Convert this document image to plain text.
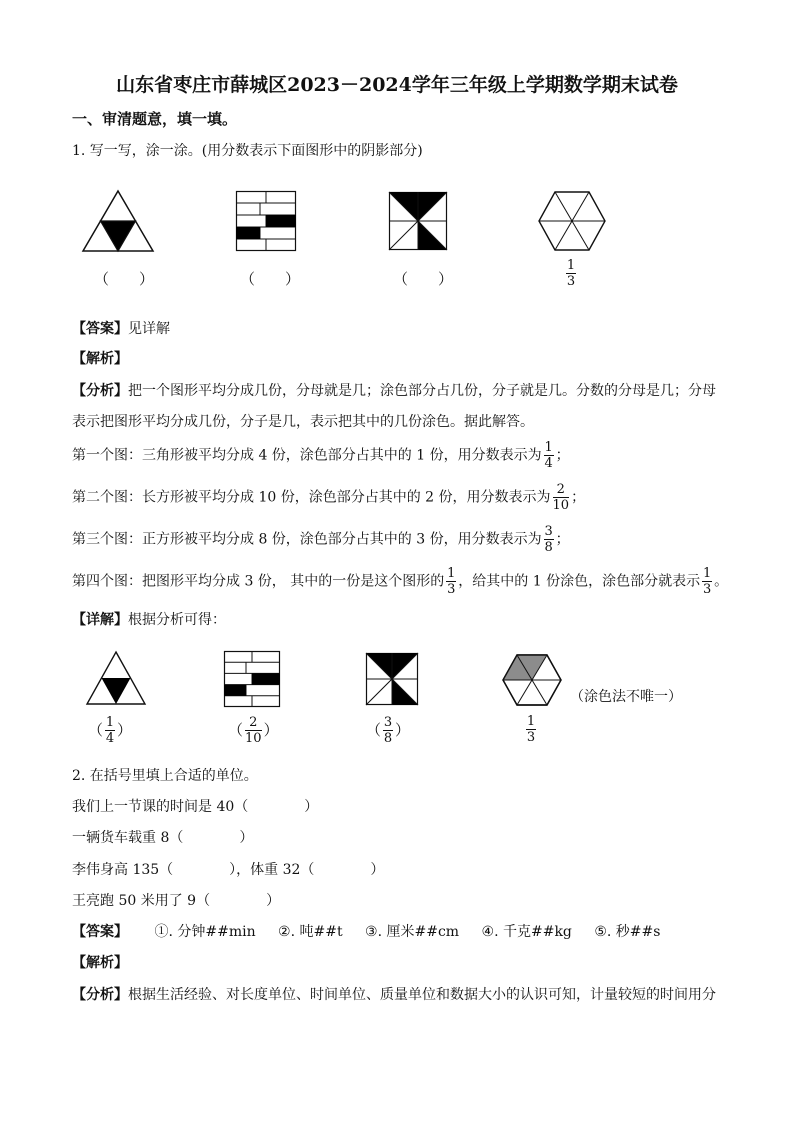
山东省枣庄市薛城区2023－2024学年三年级上学期数学期末试卷
一、审清题意，填一填。
1. 写一写，涂一涂。(用分数表示下面图形中的阴影部分)
（　　）	（　　）	（　　）	$\frac{1}{3}$
【答案】见详解
【解析】
【分析】把一个图形平均分成几份，分母就是几；涂色部分占几份，分子就是几。分数的分母是几；分母
表示把图形平均分成几份，分子是几，表示把其中的几份涂色。据此解答。
第一个图：三角形被平均分成 4 份，涂色部分占其中的 1 份，用分数表示为 $\frac{1}{4}$ ；
第二个图：长方形被平均分成 10 份，涂色部分占其中的 2 份，用分数表示为 $\frac{2}{10}$ ；
第三个图：正方形被平均分成 8 份，涂色部分占其中的 3 份，用分数表示为 $\frac{3}{8}$ ；
第四个图：把图形平均分成 3 份， 其中的一份是这个图形的 $\frac{1}{3}$ ，给其中的 1 份涂色，涂色部分就表示 $\frac{1}{3}$ 。
【详解】根据分析可得：
（ $\frac{1}{4}$ ）	（ $\frac{2}{10}$ ）	（ $\frac{3}{8}$ ）
（涂色法不唯一）
$\frac{1}{3}$
2. 在括号里填上合适的单位。
我们上一节课的时间是 40（　　　　）
一辆货车载重 8（　　　　）
李伟身高 135（　　　　），体重 32（　　　　）
王亮跑 50 米用了 9（　　　　）
【答案】 ①. 分钟##min ②. 吨##t ③. 厘米##cm ④. 千克##kg ⑤. 秒##s
【解析】
【分析】根据生活经验、对长度单位、时间单位、质量单位和数据大小的认识可知，计量较短的时间用分
